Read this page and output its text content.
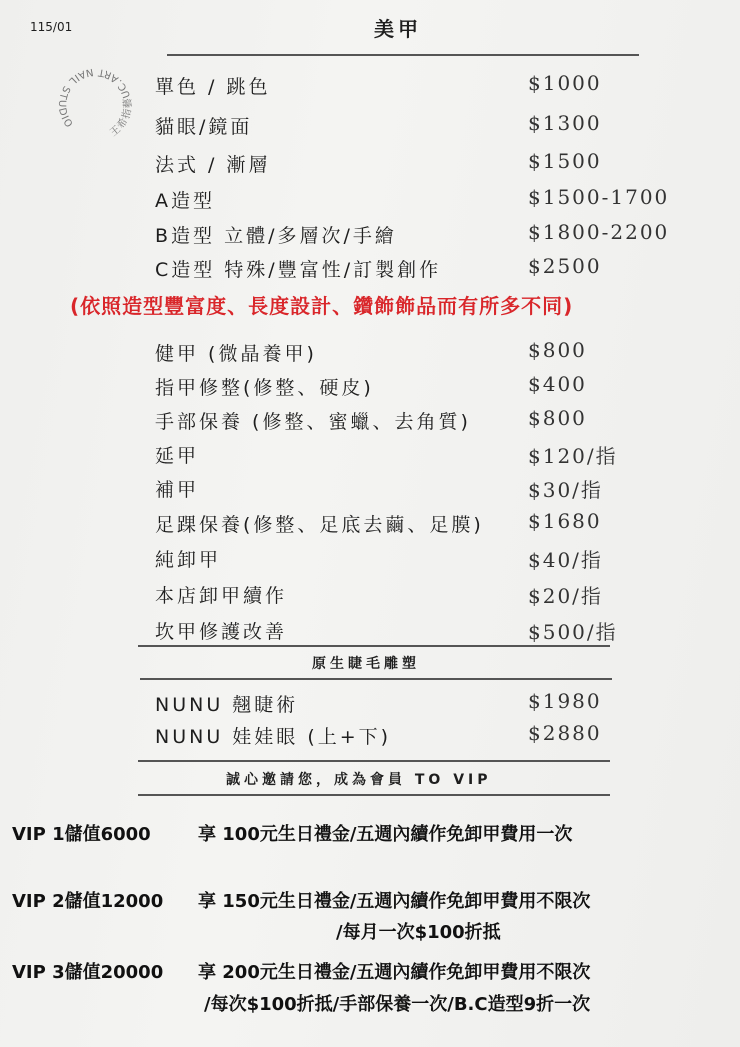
115/01	美甲
王希指藝UC.ART NAIL STUDIO
(依照造型豐富度、長度設計、鑽飾飾品而有所多不同)
原生睫毛雕塑
誠心邀請您，成為會員 TO VIP
單色 / 跳色	$1000
貓眼/鏡面	$1300
法式 / 漸層	$1500
A造型	$1500-1700
B造型 立體/多層次/手繪	$1800-2200
C造型 特殊/豐富性/訂製創作	$2500
健甲 (微晶養甲)	$800
指甲修整(修整、硬皮)	$400
手部保養 (修整、蜜蠟、去角質)	$800
延甲	$120/指
補甲	$30/指
足踝保養(修整、足底去繭、足膜) $1680
純卸甲	$40/指
本店卸甲續作	$20/指
坎甲修護改善	$500/指
NUNU 翹睫術	$1980
NUNU 娃娃眼 (上+下)	$2880
VIP 1儲值6000	享 100元生日禮金/五週內續作免卸甲費用一次
VIP 2儲值12000 享 150元生日禮金/五週內續作免卸甲費用不限次
/每月一次$100折抵
VIP 3儲值20000 享 200元生日禮金/五週內續作免卸甲費用不限次
/每次$100折抵/手部保養一次/B.C造型9折一次
